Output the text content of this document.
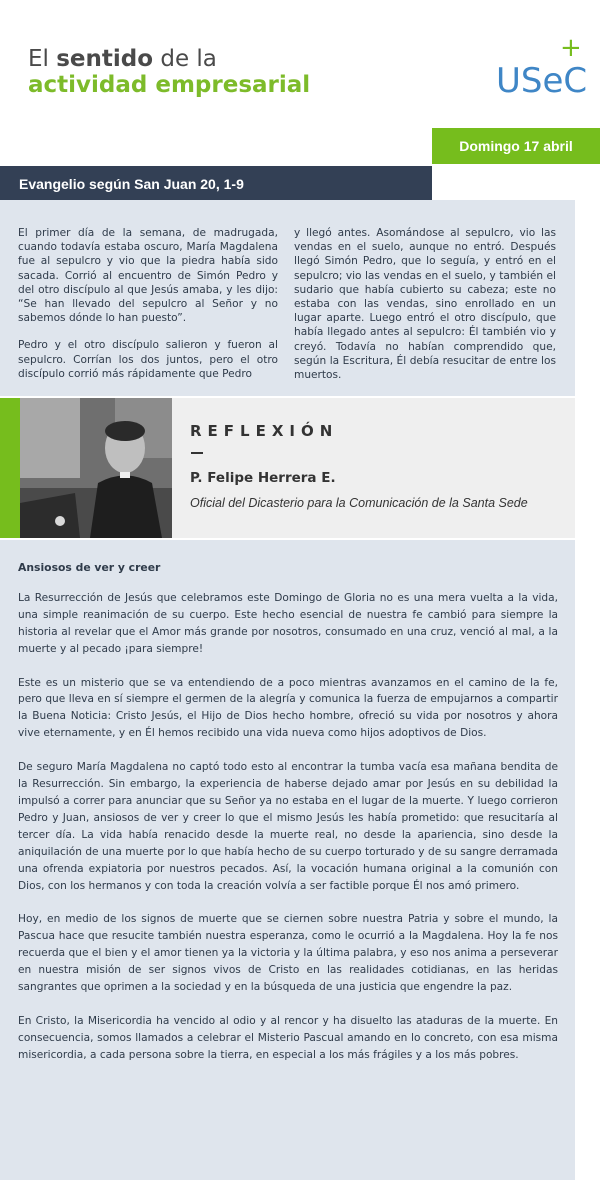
El sentido de la
actividad empresarial	USeC
+
Domingo 17 abril
Evangelio según San Juan 20, 1-9

El primer día de la semana, de madrugada, cuando todavía estaba oscuro, María Magdalena fue al sepulcro y vio que la piedra había sido sacada. Corrió al encuentro de Simón Pedro y del otro discípulo al que Jesús amaba, y les dijo: “Se han llevado del sepulcro al Señor y no sabemos dónde lo han puesto”.

Pedro y el otro discípulo salieron y fueron al sepulcro. Corrían los dos juntos, pero el otro discípulo corrió más rápidamente que Pedro

y llegó antes. Asomándose al sepulcro, vio las vendas en el suelo, aunque no entró. Después llegó Simón Pedro, que lo seguía, y entró en el sepulcro; vio las vendas en el suelo, y también el sudario que había cubierto su cabeza; este no estaba con las vendas, sino enrollado en un lugar aparte. Luego entró el otro discípulo, que había llegado antes al sepulcro: Él también vio y creyó. Todavía no habían comprendido que, según la Escritura, Él debía resucitar de entre los muertos.

REFLEXIÓN
P. Felipe Herrera E.
Oficial del Dicasterio para la Comunicación de la Santa Sede
Ansiosos de ver y creer

La Resurrección de Jesús que celebramos este Domingo de Gloria no es una mera vuelta a la vida, una simple reanimación de su cuerpo. Este hecho esencial de nuestra fe cambió para siempre la historia al revelar que el Amor más grande por nosotros, consumado en una cruz, venció al mal, a la muerte y al pecado ¡para siempre!

Este es un misterio que se va entendiendo de a poco mientras avanzamos en el camino de la fe, pero que lleva en sí siempre el germen de la alegría y comunica la fuerza de empujarnos a compartir la Buena Noticia: Cristo Jesús, el Hijo de Dios hecho hombre, ofreció su vida por nosotros y ahora vive eternamente, y en Él hemos recibido una vida nueva como hijos adoptivos de Dios.

De seguro María Magdalena no captó todo esto al encontrar la tumba vacía esa mañana bendita de la Resurrección. Sin embargo, la experiencia de haberse dejado amar por Jesús en su debilidad la impulsó a correr para anunciar que su Señor ya no estaba en el lugar de la muerte. Y luego corrieron Pedro y Juan, ansiosos de ver y creer lo que el mismo Jesús les había prometido: que resucitaría al tercer día. La vida había renacido desde la muerte real, no desde la apariencia, sino desde la aniquilación de una muerte por lo que había hecho de su cuerpo torturado y de su sangre derramada una ofrenda expiatoria por nuestros pecados. Así, la vocación humana original a la comunión con Dios, con los hermanos y con toda la creación volvía a ser factible porque Él nos amó primero.

Hoy, en medio de los signos de muerte que se ciernen sobre nuestra Patria y sobre el mundo, la Pascua hace que resucite también nuestra esperanza, como le ocurrió a la Magdalena. Hoy la fe nos recuerda que el bien y el amor tienen ya la victoria y la última palabra, y eso nos anima a perseverar en nuestra misión de ser signos vivos de Cristo en las realidades cotidianas, en las heridas sangrantes que oprimen a la sociedad y en la búsqueda de una justicia que engendre la paz.

En Cristo, la Misericordia ha vencido al odio y al rencor y ha disuelto las ataduras de la muerte. En consecuencia, somos llamados a celebrar el Misterio Pascual amando en lo concreto, con esa misma misericordia, a cada persona sobre la tierra, en especial a los más frágiles y a los más pobres.
